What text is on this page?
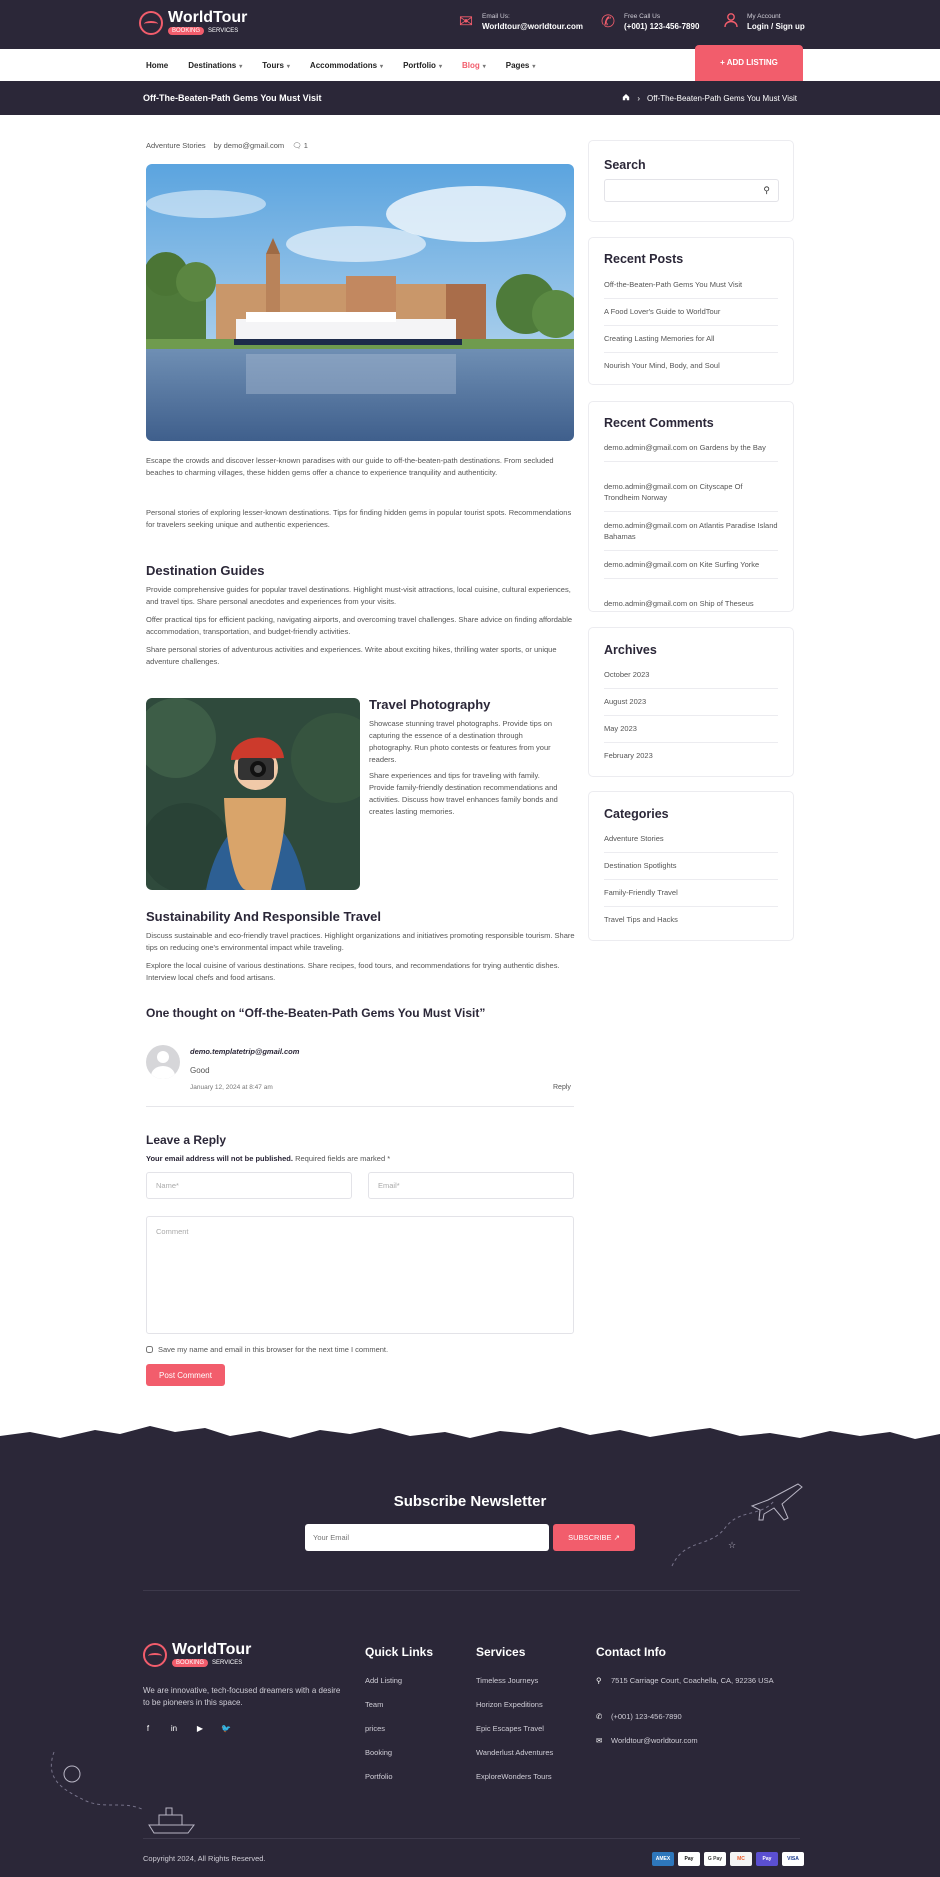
WorldTour
BOOKING	SERVICES	✉	Email Us:
Worldtour@worldtour.com ✆	Free Call Us
(+001) 123-456-7890
My Account
Login / Sign up
Home	Destinations ▾	Tours ▾	Accommodations ▾	Portfolio ▾	Blog ▾	Pages ▾	+ ADD LISTING
Off-The-Beaten-Path Gems You Must Visit	› Off-The-Beaten-Path Gems You Must Visit
Adventure Stories by demo@gmail.com 🗨 1

Escape the crowds and discover lesser-known paradises with our guide to off-the-beaten-path destinations. From secluded beaches to charming villages, these hidden gems offer a chance to experience tranquility and authenticity.

Personal stories of exploring lesser-known destinations. Tips for finding hidden gems in popular tourist spots. Recommendations for travelers seeking unique and authentic experiences.

Destination Guides

Provide comprehensive guides for popular travel destinations. Highlight must-visit attractions, local cuisine, cultural experiences, and travel tips. Share personal anecdotes and experiences from your visits.

Offer practical tips for efficient packing, navigating airports, and overcoming travel challenges. Share advice on finding affordable accommodation, transportation, and budget-friendly activities.

Share personal stories of adventurous activities and experiences. Write about exciting hikes, thrilling water sports, or unique adventure challenges.

Travel Photography

Showcase stunning travel photographs. Provide tips on capturing the essence of a destination through photography. Run photo contests or features from your readers.

Share experiences and tips for traveling with family. Provide family-friendly destination recommendations and activities. Discuss how travel enhances family bonds and creates lasting memories.

Sustainability And Responsible Travel

Discuss sustainable and eco-friendly travel practices. Highlight organizations and initiatives promoting responsible tourism. Share tips on reducing one's environmental impact while traveling.

Explore the local cuisine of various destinations. Share recipes, food tours, and recommendations for trying authentic dishes. Interview local chefs and food artisans.

One thought on “Off-the-Beaten-Path Gems You Must Visit”
demo.templatetrip@gmail.com
Good
January 12, 2024 at 8:47 am	Reply
Leave a Reply
Your email address will not be published. Required fields are marked *
Name*
Email*
Comment
Save my name and email in this browser for the next time I comment.
Post Comment
Search
⚲
Recent Posts
Off-the-Beaten-Path Gems You Must Visit
A Food Lover's Guide to WorldTour
Creating Lasting Memories for All
Nourish Your Mind, Body, and Soul
Recent Comments
demo.admin@gmail.com on Gardens by the Bay
demo.admin@gmail.com on Cityscape Of Trondheim Norway
demo.admin@gmail.com on Atlantis Paradise Island Bahamas
demo.admin@gmail.com on Kite Surfing Yorke
demo.admin@gmail.com on Ship of Theseus
Archives
October 2023
August 2023
May 2023
February 2023
Categories
Adventure Stories
Destination Spotlights
Family-Friendly Travel
Travel Tips and Hacks
☆
Subscribe Newsletter
Your Email
SUBSCRIBE ↗
WorldTour
BOOKING	SERVICES

We are innovative, tech-focused dreamers with a desire to be pioneers in this space.

f	in ▶ 🐦
Quick Links
Add Listing
Team
prices
Booking
Portfolio
Services
Timeless Journeys
Horizon Expeditions
Epic Escapes Travel
Wanderlust Adventures
ExploreWonders Tours
Contact Info
⚲	7515 Carriage Court, Coachella, CA, 92236 USA
✆	(+001) 123-456-7890
✉	Worldtour@worldtour.com
Copyright 2024, All Rights Reserved.	AMEX	Pay	G Pay	MC	Pay	VISA
